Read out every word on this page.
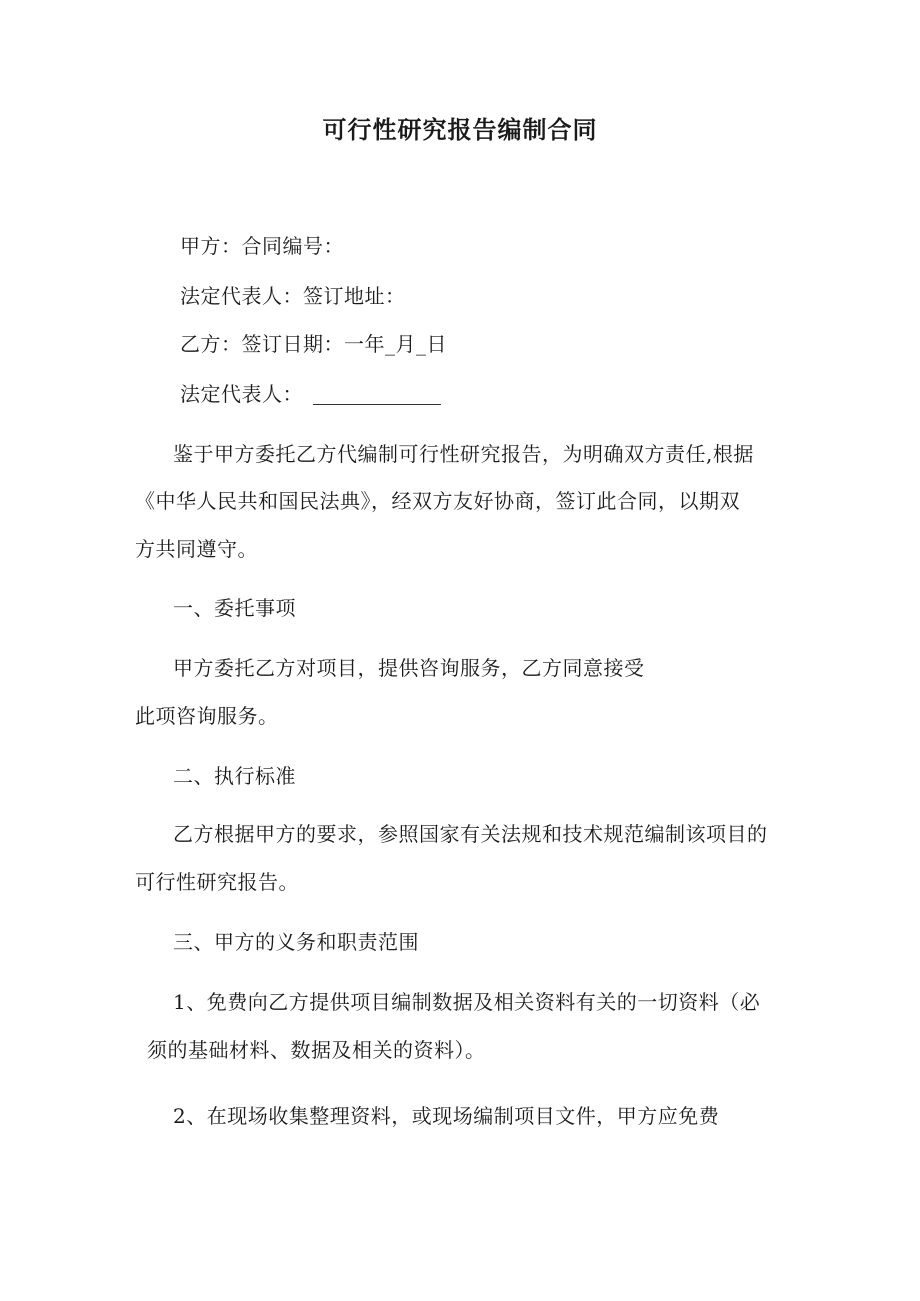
可行性研究报告编制合同

甲方：合同编号：

法定代表人：签订地址：

乙方：签订日期：一年_月_日

法定代表人：

鉴于甲方委托乙方代编制可行性研究报告，为明确双方责任,根据

《中华人民共和国民法典》，经双方友好协商，签订此合同，以期双

方共同遵守。

一、委托事项

甲方委托乙方对项目，提供咨询服务，乙方同意接受

此项咨询服务。

二、执行标准

乙方根据甲方的要求，参照国家有关法规和技术规范编制该项目的

可行性研究报告。

三、甲方的义务和职责范围

1、免费向乙方提供项目编制数据及相关资料有关的一切资料（必

须的基础材料、数据及相关的资料）。

2、在现场收集整理资料，或现场编制项目文件，甲方应免费
